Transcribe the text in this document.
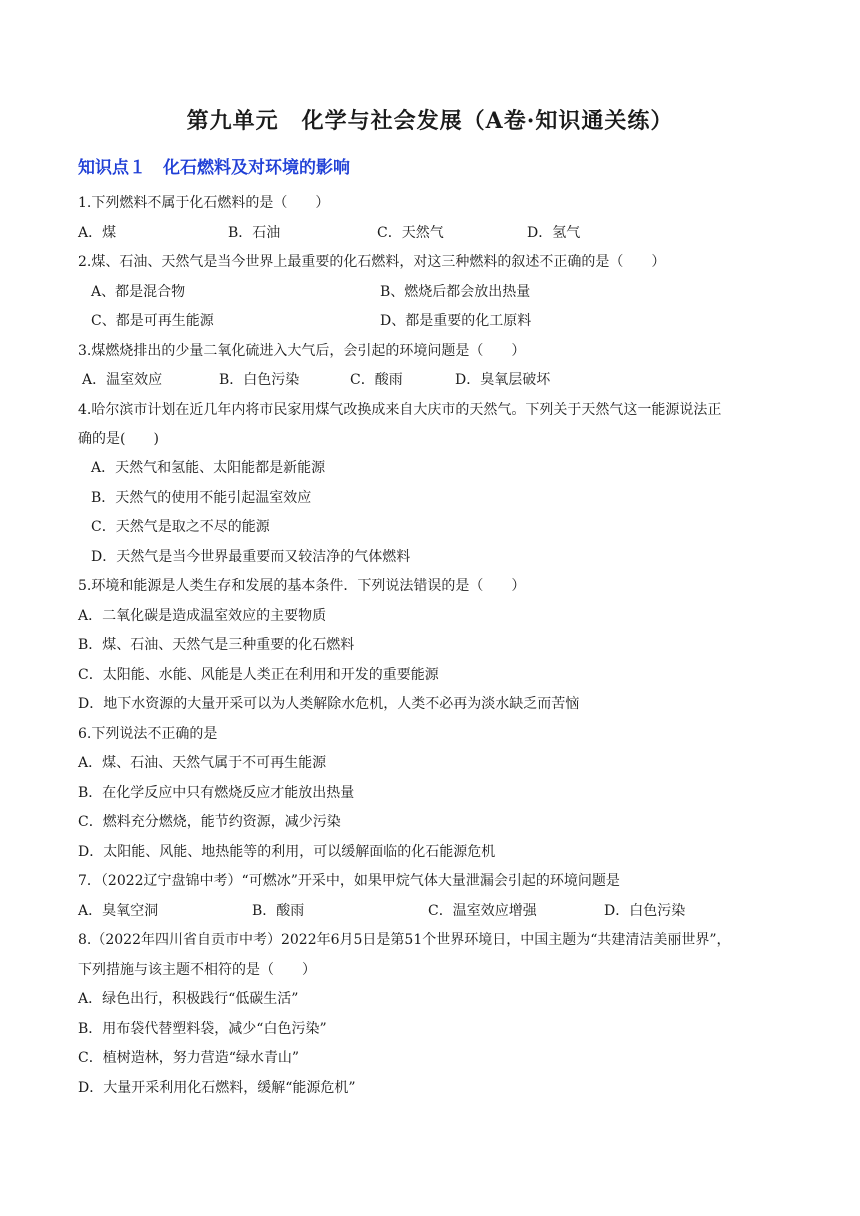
第九单元　化学与社会发展（A卷·知识通关练）
知识点１　化石燃料及对环境的影响
1.下列燃料不属于化石燃料的是（　　）
A．煤	B．石油	C．天然气	D．氢气
2.煤、石油、天然气是当今世界上最重要的化石燃料，对这三种燃料的叙述不正确的是（　　）
A、都是混合物	B、燃烧后都会放出热量
C、都是可再生能源	D、都是重要的化工原料
3.煤燃烧排出的少量二氧化硫进入大气后，会引起的环境问题是（　　）
A．温室效应	B．白色污染	C．酸雨	D．臭氧层破坏
4.哈尔滨市计划在近几年内将市民家用煤气改换成来自大庆市的天然气。下列关于天然气这一能源说法正
确的是(　　)
A．天然气和氢能、太阳能都是新能源
B．天然气的使用不能引起温室效应
C．天然气是取之不尽的能源
D．天然气是当今世界最重要而又较洁净的气体燃料
5.环境和能源是人类生存和发展的基本条件．下列说法错误的是（　　）
A．二氧化碳是造成温室效应的主要物质
B．煤、石油、天然气是三种重要的化石燃料
C．太阳能、水能、风能是人类正在利用和开发的重要能源
D．地下水资源的大量开采可以为人类解除水危机，人类不必再为淡水缺乏而苦恼
6.下列说法不正确的是
A．煤、石油、天然气属于不可再生能源
B．在化学反应中只有燃烧反应才能放出热量
C．燃料充分燃烧，能节约资源，减少污染
D．太阳能、风能、地热能等的利用，可以缓解面临的化石能源危机
7．（2022辽宁盘锦中考）“可燃冰”开采中，如果甲烷气体大量泄漏会引起的环境问题是
A．臭氧空洞	B．酸雨	C．温室效应增强	D．白色污染
8.（2022年四川省自贡市中考）2022年6月5日是第51个世界环境日，中国主题为“共建清洁美丽世界”，
下列措施与该主题不相符的是（　　）
A．绿色出行，积极践行“低碳生活”
B．用布袋代替塑料袋，减少“白色污染”
C．植树造林，努力营造“绿水青山”
D．大量开采利用化石燃料，缓解“能源危机”
